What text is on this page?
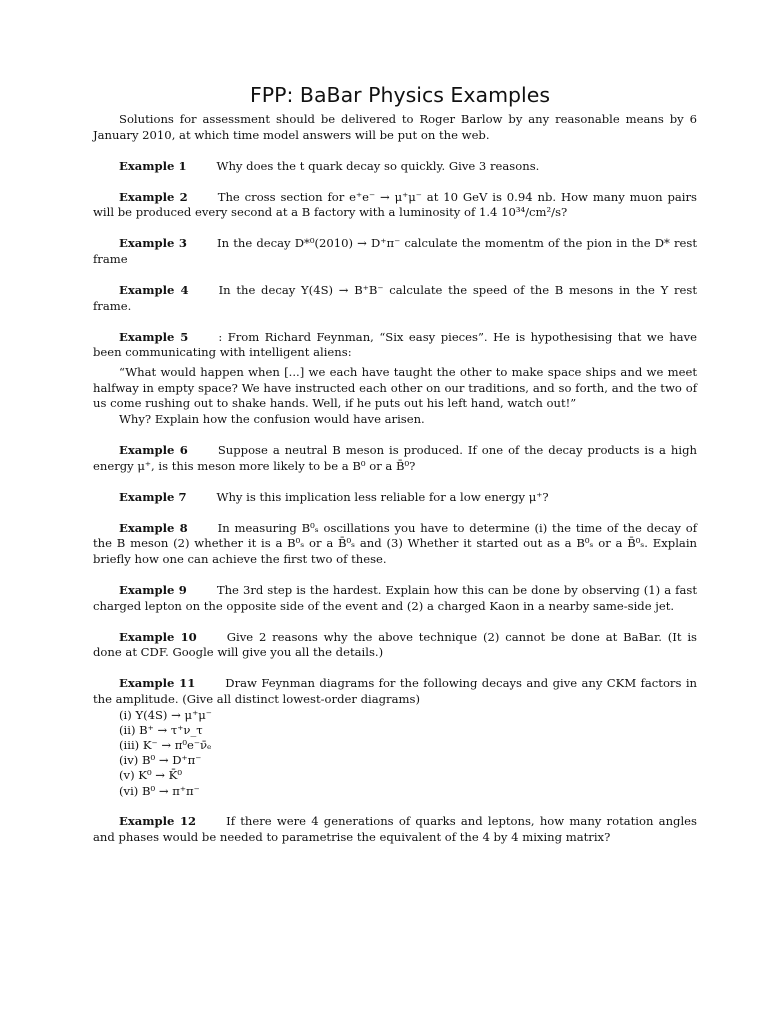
FPP: BaBar Physics Examples

Solutions for assessment should be delivered to Roger Barlow by any reasonable means by 6 January 2010, at which time model answers will be put on the web.

Example 1	Why does the t quark decay so quickly. Give 3 reasons.

Example 2	The cross section for e⁺e⁻ → μ⁺μ⁻ at 10 GeV is 0.94 nb. How many muon pairs will be produced every second at a B factory with a luminosity of 1.4 10³⁴/cm²/s?

Example 3	In the decay D*⁰(2010) → D⁺π⁻ calculate the momentm of the pion in the D* rest frame

Example 4	In the decay Υ(4S) → B⁺B⁻ calculate the speed of the B mesons in the Υ rest frame.

Example 5	: From Richard Feynman, “Six easy pieces”. He is hypothesising that we have been communicating with intelligent aliens:

“What would happen when [...] we each have taught the other to make space ships and we meet halfway in empty space? We have instructed each other on our traditions, and so forth, and the two of us come rushing out to shake hands. Well, if he puts out his left hand, watch out!”

Why? Explain how the confusion would have arisen.

Example 6	Suppose a neutral B meson is produced. If one of the decay products is a high energy μ⁺, is this meson more likely to be a B⁰ or a B̄⁰?

Example 7	Why is this implication less reliable for a low energy μ⁺?

Example 8	In measuring B⁰ₛ oscillations you have to determine (i) the time of the decay of the B meson (2) whether it is a B⁰ₛ or a B̄⁰ₛ and (3) Whether it started out as a B⁰ₛ or a B̄⁰ₛ. Explain briefly how one can achieve the first two of these.

Example 9	The 3rd step is the hardest. Explain how this can be done by observing (1) a fast charged lepton on the opposite side of the event and (2) a charged Kaon in a nearby same-side jet.

Example 10	Give 2 reasons why the above technique (2) cannot be done at BaBar. (It is done at CDF. Google will give you all the details.)

Example 11	Draw Feynman diagrams for the following decays and give any CKM factors in the amplitude. (Give all distinct lowest-order diagrams)

(i) Υ(4S) → μ⁺μ⁻
(ii) B⁺ → τ⁺ν_τ
(iii) K⁻ → π⁰e⁻ν̄ₑ
(iv) B⁰ → D⁺π⁻
(v) K⁰ → K̄⁰
(vi) B⁰ → π⁺π⁻

Example 12	If there were 4 generations of quarks and leptons, how many rotation angles and phases would be needed to parametrise the equivalent of the 4 by 4 mixing matrix?
